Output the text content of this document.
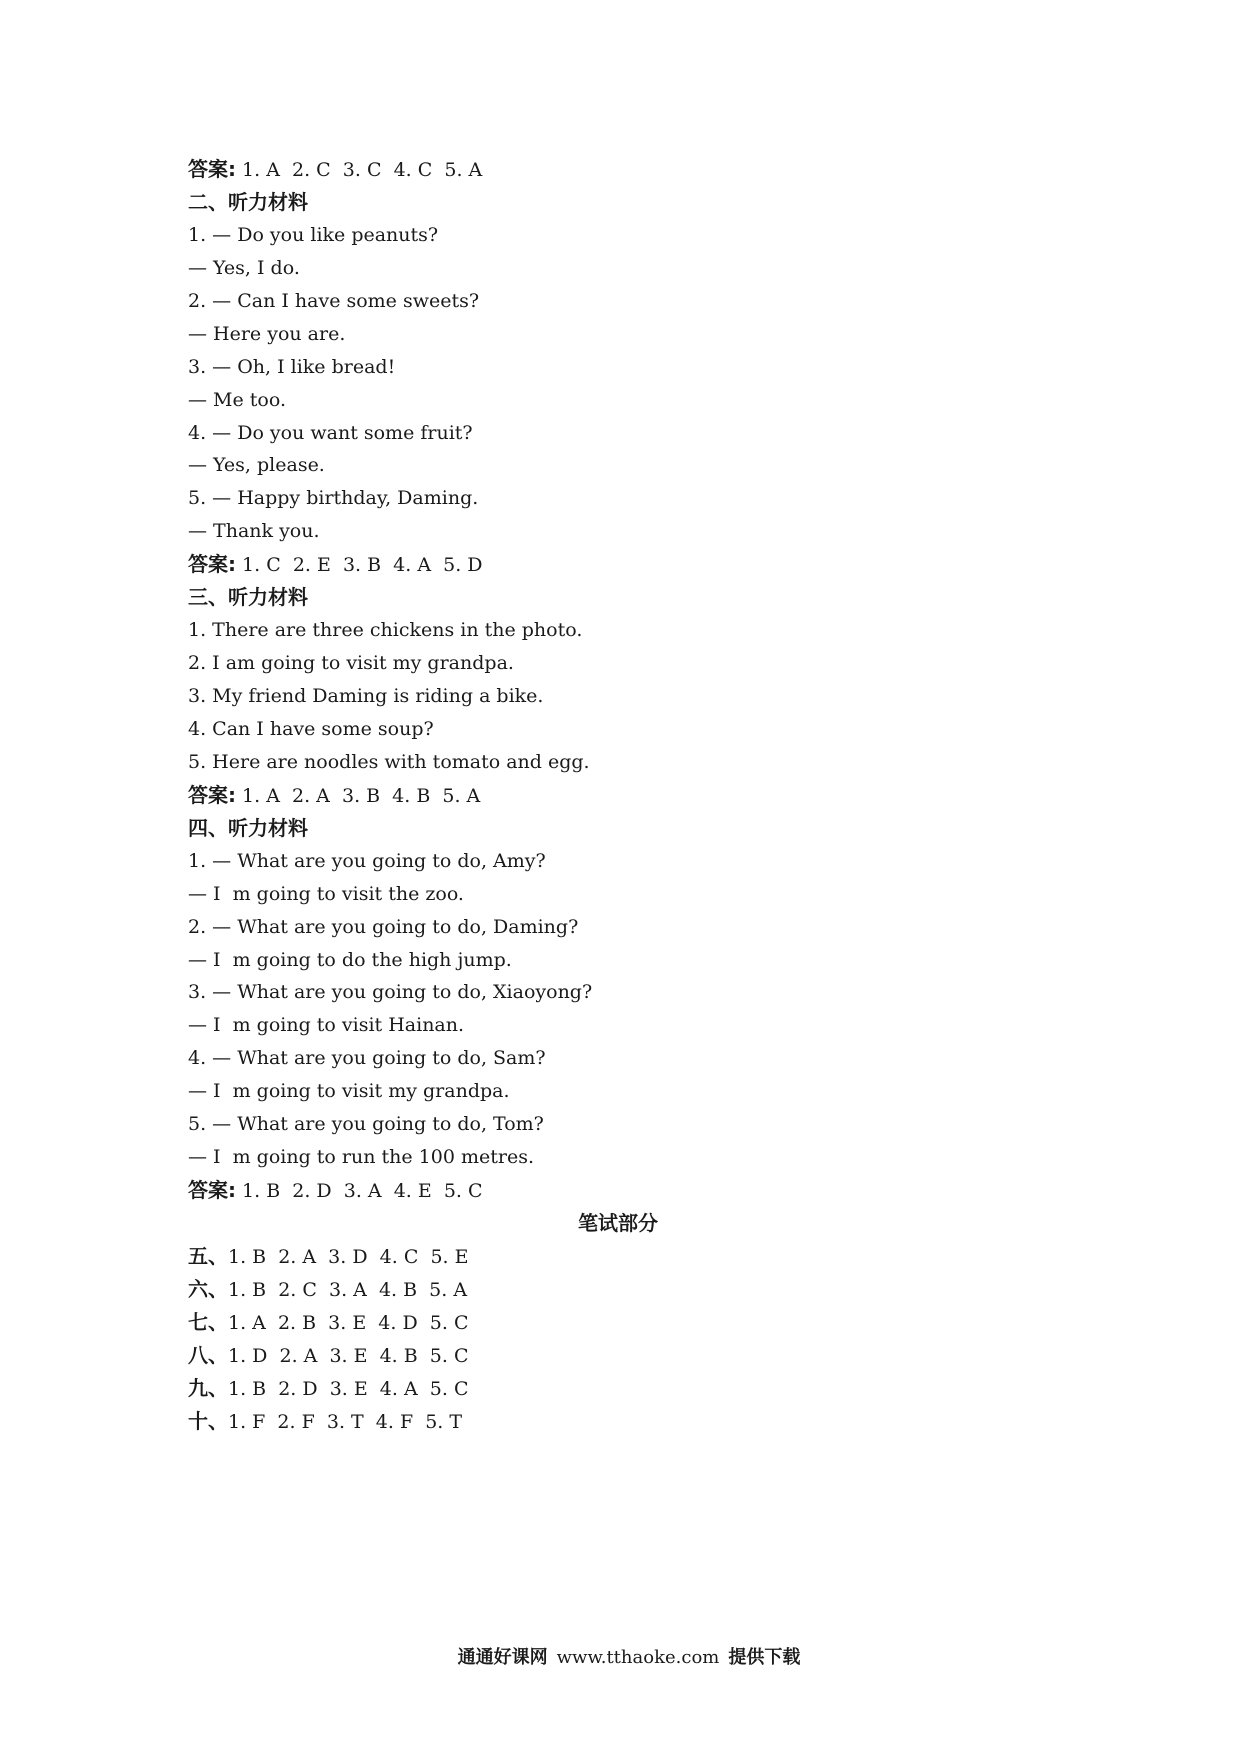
答案: 1. A  2. C  3. C  4. C  5. A
二、听力材料
1. — Do you like peanuts?
— Yes, I do.
2. — Can I have some sweets?
— Here you are.
3. — Oh, I like bread!
— Me too.
4. — Do you want some fruit?
— Yes, please.
5. — Happy birthday, Daming.
— Thank you.
答案: 1. C  2. E  3. B  4. A  5. D
三、听力材料
1. There are three chickens in the photo.
2. I am going to visit my grandpa.
3. My friend Daming is riding a bike.
4. Can I have some soup?
5. Here are noodles with tomato and egg.
答案: 1. A  2. A  3. B  4. B  5. A
四、听力材料
1. — What are you going to do, Amy?
— I  m going to visit the zoo.
2. — What are you going to do, Daming?
— I  m going to do the high jump.
3. — What are you going to do, Xiaoyong?
— I  m going to visit Hainan.
4. — What are you going to do, Sam?
— I  m going to visit my grandpa.
5. — What are you going to do, Tom?
— I  m going to run the 100 metres.
答案: 1. B  2. D  3. A  4. E  5. C
笔试部分
五、1. B  2. A  3. D  4. C  5. E
六、1. B  2. C  3. A  4. B  5. A
七、1. A  2. B  3. E  4. D  5. C
八、1. D  2. A  3. E  4. B  5. C
九、1. B  2. D  3. E  4. A  5. C
十、1. F  2. F  3. T  4. F  5. T

通通好课网 www.tthaoke.com 提供下载
